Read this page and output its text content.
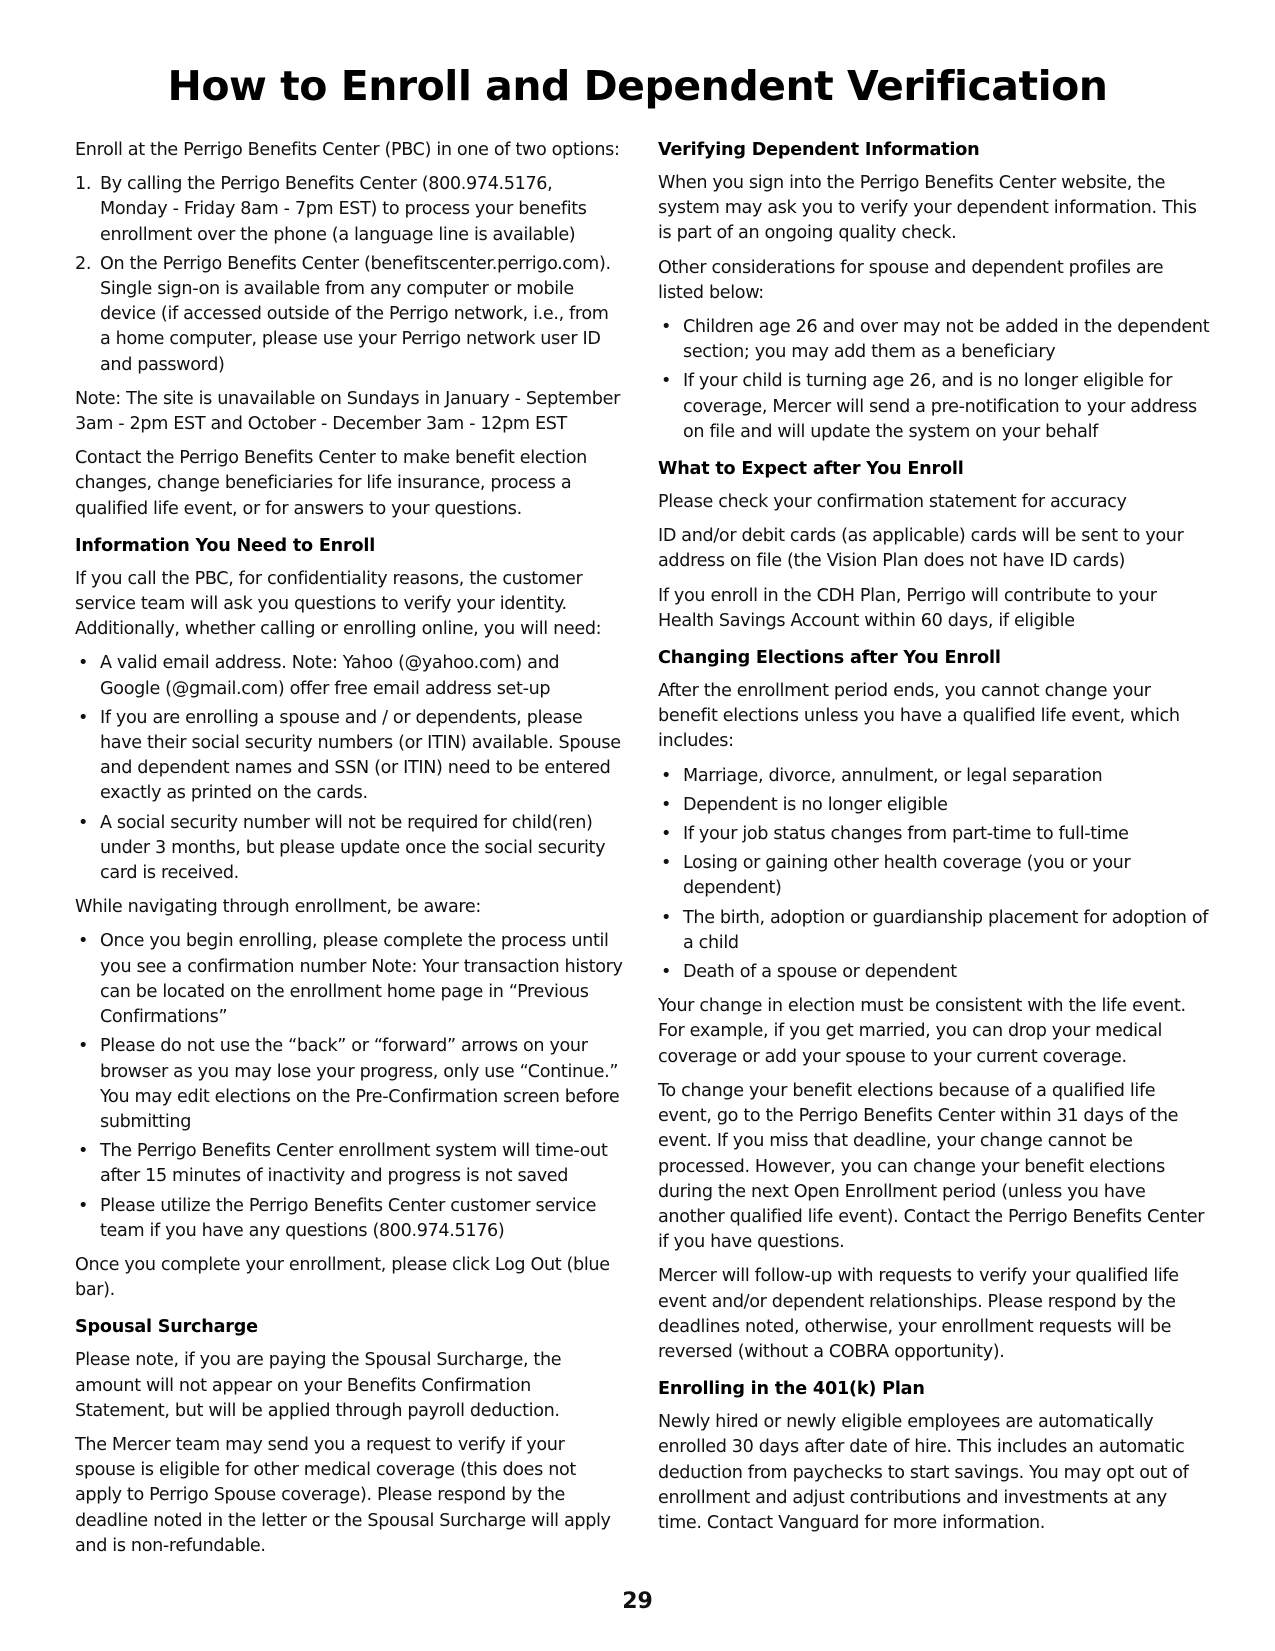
How to Enroll and Dependent Verification

Enroll at the Perrigo Benefits Center (PBC) in one of two options:

1. By calling the Perrigo Benefits Center (800.974.5176, Monday - Friday 8am - 7pm EST) to process your benefits enrollment over the phone (a language line is available)
2. On the Perrigo Benefits Center (benefitscenter.perrigo.com). Single sign-on is available from any computer or mobile device (if accessed outside of the Perrigo network, i.e., from a home computer, please use your Perrigo network user ID and password)

Note: The site is unavailable on Sundays in January - September 3am - 2pm EST and October - December 3am - 12pm EST

Contact the Perrigo Benefits Center to make benefit election changes, change beneficiaries for life insurance, process a qualified life event, or for answers to your questions.

Information You Need to Enroll

If you call the PBC, for confidentiality reasons, the customer service team will ask you questions to verify your identity. Additionally, whether calling or enrolling online, you will need:

• A valid email address. Note: Yahoo (@yahoo.com) and Google (@gmail.com) offer free email address set-up
• If you are enrolling a spouse and / or dependents, please have their social security numbers (or ITIN) available. Spouse and dependent names and SSN (or ITIN) need to be entered exactly as printed on the cards.
• A social security number will not be required for child(ren) under 3 months, but please update once the social security card is received.

While navigating through enrollment, be aware:

• Once you begin enrolling, please complete the process until you see a confirmation number Note: Your transaction history can be located on the enrollment home page in “Previous Confirmations”
• Please do not use the “back” or “forward” arrows on your browser as you may lose your progress, only use “Continue.” You may edit elections on the Pre-Confirmation screen before submitting
• The Perrigo Benefits Center enrollment system will time-out after 15 minutes of inactivity and progress is not saved
• Please utilize the Perrigo Benefits Center customer service team if you have any questions (800.974.5176)

Once you complete your enrollment, please click Log Out (blue bar).

Spousal Surcharge

Please note, if you are paying the Spousal Surcharge, the amount will not appear on your Benefits Confirmation Statement, but will be applied through payroll deduction.

The Mercer team may send you a request to verify if your spouse is eligible for other medical coverage (this does not apply to Perrigo Spouse coverage). Please respond by the deadline noted in the letter or the Spousal Surcharge will apply and is non-refundable.

Verifying Dependent Information

When you sign into the Perrigo Benefits Center website, the system may ask you to verify your dependent information. This is part of an ongoing quality check.

Other considerations for spouse and dependent profiles are listed below:

• Children age 26 and over may not be added in the dependent section; you may add them as a beneficiary
• If your child is turning age 26, and is no longer eligible for coverage, Mercer will send a pre-notification to your address on file and will update the system on your behalf
What to Expect after You Enroll

Please check your confirmation statement for accuracy

ID and/or debit cards (as applicable) cards will be sent to your address on file (the Vision Plan does not have ID cards)

If you enroll in the CDH Plan, Perrigo will contribute to your Health Savings Account within 60 days, if eligible

Changing Elections after You Enroll

After the enrollment period ends, you cannot change your benefit elections unless you have a qualified life event, which includes:

• Marriage, divorce, annulment, or legal separation
• Dependent is no longer eligible
• If your job status changes from part-time to full-time
• Losing or gaining other health coverage (you or your dependent)
• The birth, adoption or guardianship placement for adoption of a child
• Death of a spouse or dependent

Your change in election must be consistent with the life event. For example, if you get married, you can drop your medical coverage or add your spouse to your current coverage.

To change your benefit elections because of a qualified life event, go to the Perrigo Benefits Center within 31 days of the event. If you miss that deadline, your change cannot be processed. However, you can change your benefit elections during the next Open Enrollment period (unless you have another qualified life event). Contact the Perrigo Benefits Center if you have questions.

Mercer will follow-up with requests to verify your qualified life event and/or dependent relationships. Please respond by the deadlines noted, otherwise, your enrollment requests will be reversed (without a COBRA opportunity).

Enrolling in the 401(k) Plan

Newly hired or newly eligible employees are automatically enrolled 30 days after date of hire. This includes an automatic deduction from paychecks to start savings. You may opt out of enrollment and adjust contributions and investments at any time. Contact Vanguard for more information.

29
